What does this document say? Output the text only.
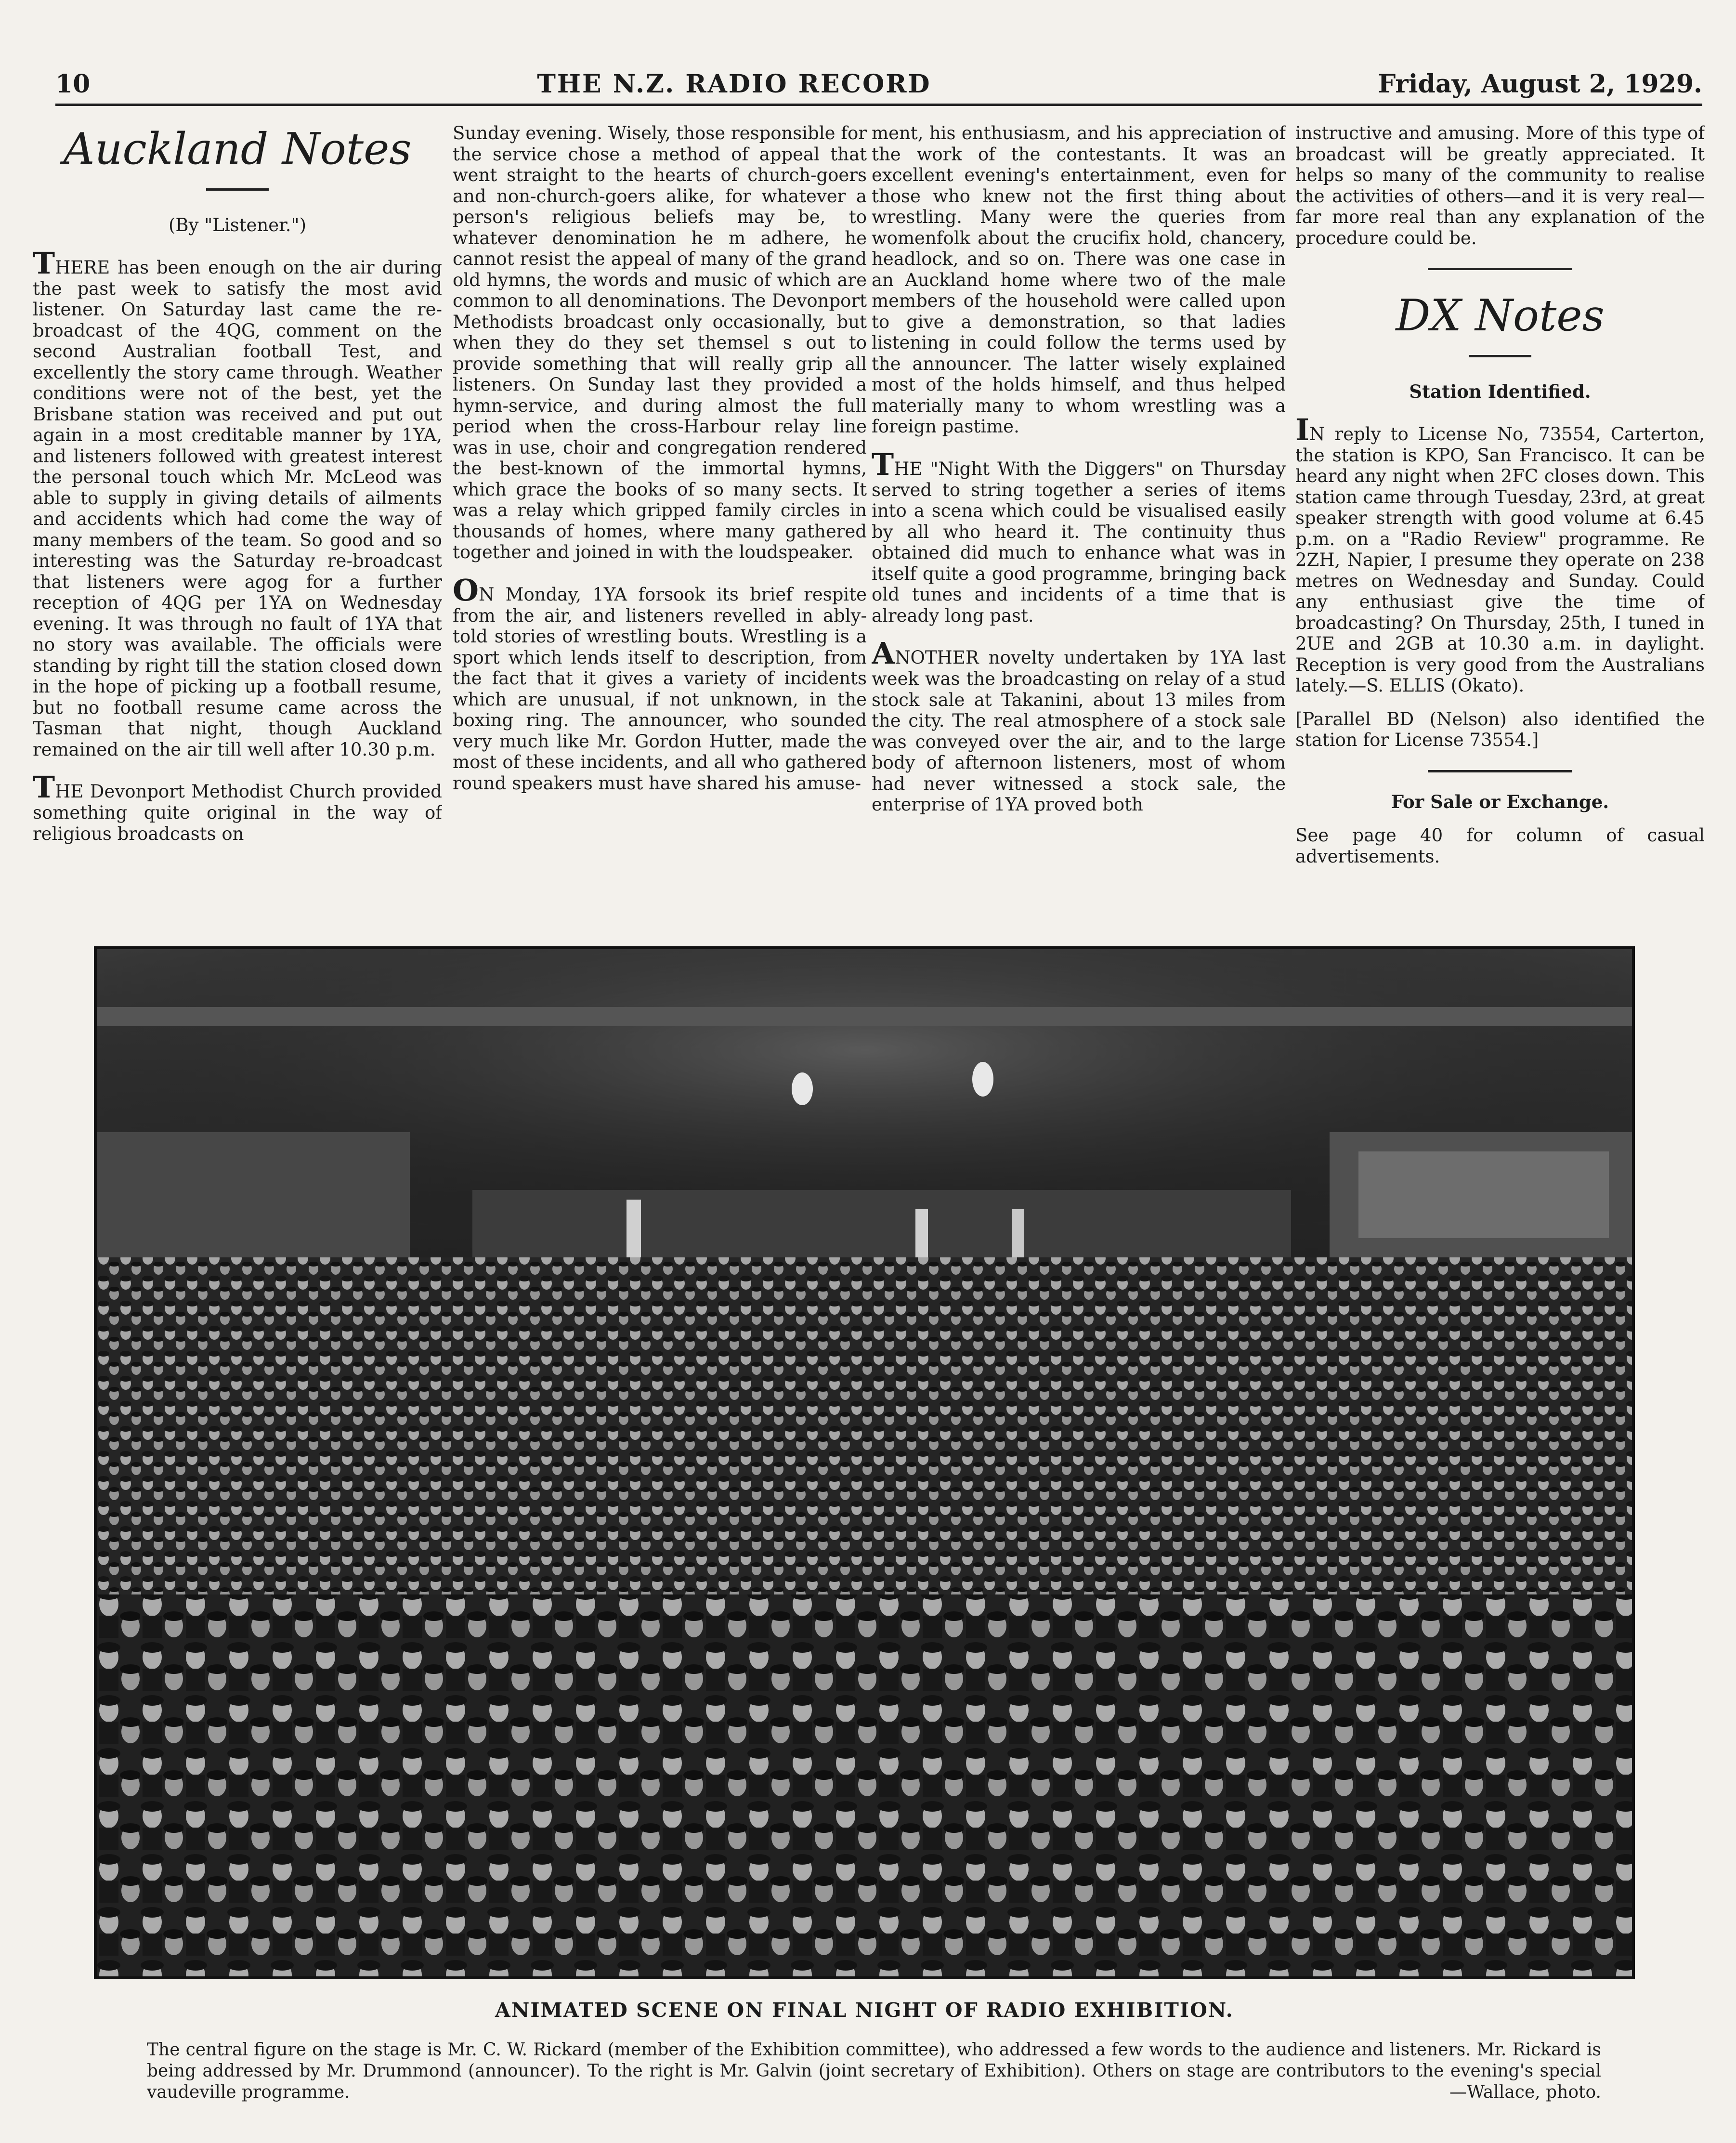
10	THE N.Z. RADIO RECORD	Friday, August 2, 1929.
Auckland Notes

(By "Listener.")

THERE has been enough on the air during the past week to satisfy the most avid listener. On Saturday last came the re-broadcast of the 4QG, comment on the second Australian football Test, and excellently the story came through. Weather conditions were not of the best, yet the Brisbane station was received and put out again in a most creditable manner by 1YA, and listeners followed with greatest interest the personal touch which Mr. McLeod was able to supply in giving details of ailments and accidents which had come the way of many members of the team. So good and so interesting was the Saturday re-broadcast that listeners were agog for a further reception of 4QG per 1YA on Wednesday evening. It was through no fault of 1YA that no story was available. The officials were standing by right till the station closed down in the hope of picking up a football resume, but no football resume came across the Tasman that night, though Auckland remained on the air till well after 10.30 p.m.

THE Devonport Methodist Church provided something quite original in the way of religious broadcasts on

Sunday evening. Wisely, those responsible for the service chose a method of appeal that went straight to the hearts of church-goers and non-church-goers alike, for whatever a person's religious beliefs may be, to whatever denomination he m adhere, he cannot resist the appeal of many of the grand old hymns, the words and music of which are common to all denominations. The Devonport Methodists broadcast only occasionally, but when they do they set themsel s out to provide something that will really grip all listeners. On Sunday last they provided a hymn-service, and during almost the full period when the cross-Harbour relay line was in use, choir and congregation rendered the best-known of the immortal hymns, which grace the books of so many sects. It was a relay which gripped family circles in thousands of homes, where many gathered together and joined in with the loudspeaker.

ON Monday, 1YA forsook its brief respite from the air, and listeners revelled in ably-told stories of wrestling bouts. Wrestling is a sport which lends itself to description, from the fact that it gives a variety of incidents which are unusual, if not unknown, in the boxing ring. The announcer, who sounded very much like Mr. Gordon Hutter, made the most of these incidents, and all who gathered round speakers must have shared his amuse-

ment, his enthusiasm, and his appreciation of the work of the contestants. It was an excellent evening's entertainment, even for those who knew not the first thing about wrestling. Many were the queries from womenfolk about the crucifix hold, chancery, headlock, and so on. There was one case in an Auckland home where two of the male members of the household were called upon to give a demonstration, so that ladies listening in could follow the terms used by the announcer. The latter wisely explained most of the holds himself, and thus helped materially many to whom wrestling was a foreign pastime.

THE "Night With the Diggers" on Thursday served to string together a series of items into a scena which could be visualised easily by all who heard it. The continuity thus obtained did much to enhance what was in itself quite a good programme, bringing back old tunes and incidents of a time that is already long past.

ANOTHER novelty undertaken by 1YA last week was the broadcasting on relay of a stud stock sale at Takanini, about 13 miles from the city. The real atmosphere of a stock sale was conveyed over the air, and to the large body of afternoon listeners, most of whom had never witnessed a stock sale, the enterprise of 1YA proved both

instructive and amusing. More of this type of broadcast will be greatly appreciated. It helps so many of the community to realise the activities of others—and it is very real—far more real than any explanation of the procedure could be.

DX Notes

Station Identified.

IN reply to License No, 73554, Carterton, the station is KPO, San Francisco. It can be heard any night when 2FC closes down. This station came through Tuesday, 23rd, at great speaker strength with good volume at 6.45 p.m. on a "Radio Review" programme. Re 2ZH, Napier, I presume they operate on 238 metres on Wednesday and Sunday. Could any enthusiast give the time of broadcasting? On Thursday, 25th, I tuned in 2UE and 2GB at 10.30 a.m. in daylight. Reception is very good from the Australians lately.—S. ELLIS (Okato).

[Parallel BD (Nelson) also identified the station for License 73554.]

For Sale or Exchange.

See page 40 for column of casual advertisements.

ANIMATED SCENE ON FINAL NIGHT OF RADIO EXHIBITION.
The central figure on the stage is Mr. C. W. Rickard (member of the Exhibition committee), who addressed a few words to the audience and listeners. Mr. Rickard is being addressed by Mr. Drummond (announcer). To the right is Mr. Galvin (joint secretary of Exhibition). Others on stage are contributors to the evening's special vaudeville programme.	—Wallace, photo.
